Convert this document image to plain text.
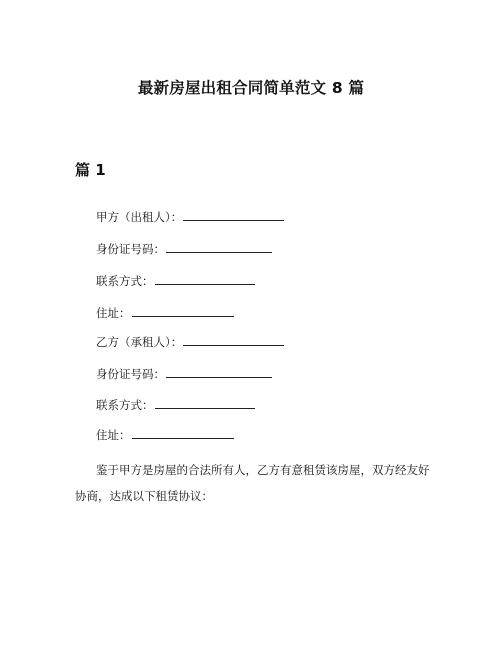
最新房屋出租合同简单范文 8 篇
篇 1
甲方（出租人）：
身份证号码：
联系方式：
住址：
乙方（承租人）：
身份证号码：
联系方式：
住址：
鉴于甲方是房屋的合法所有人，乙方有意租赁该房屋，双方经友好协商，达成以下租赁协议：
